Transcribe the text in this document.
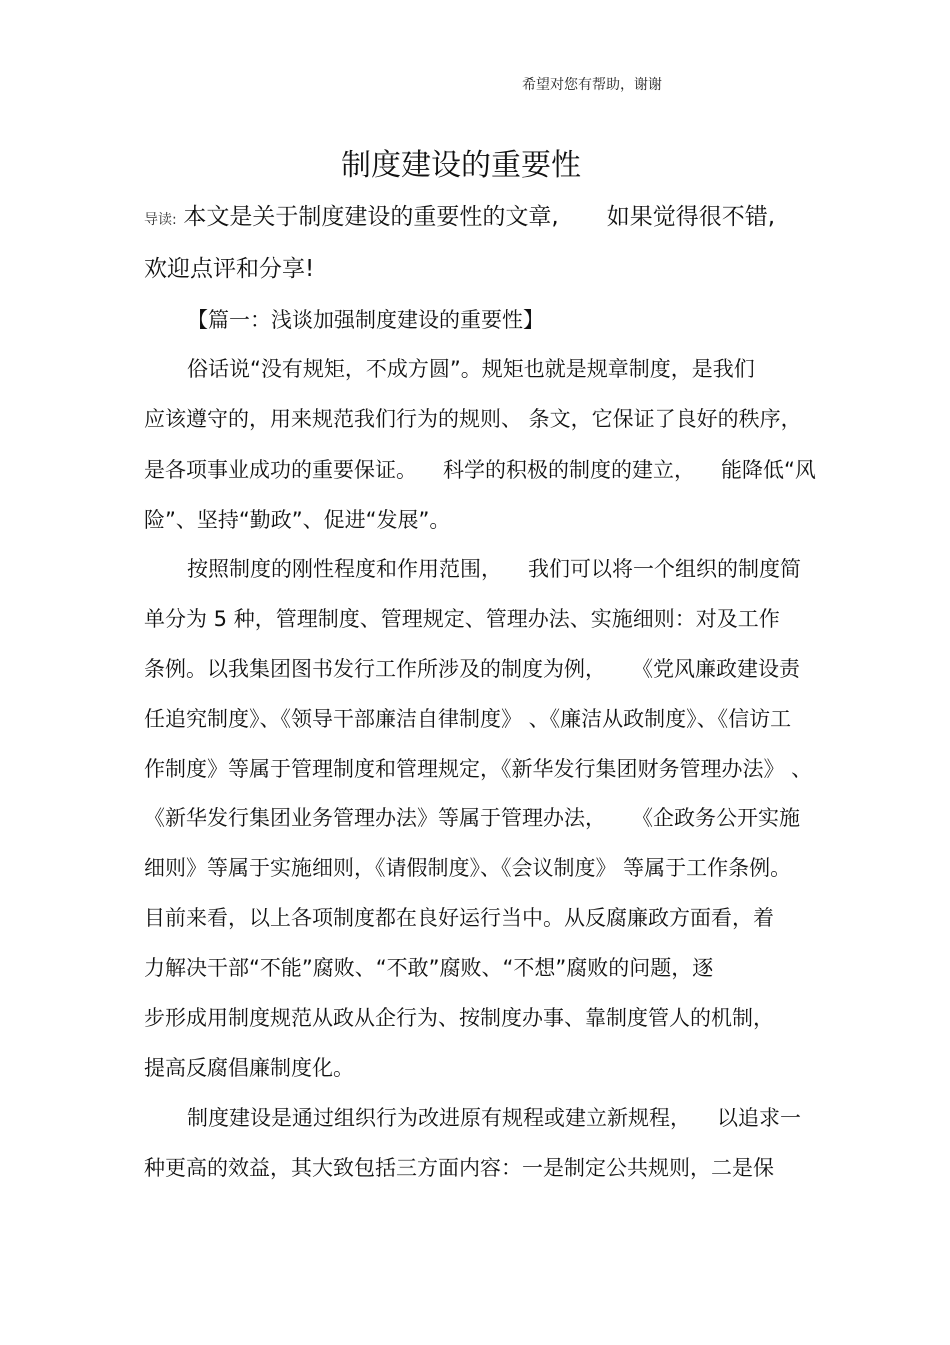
希望对您有帮助，谢谢
制度建设的重要性
导读: 本文是关于制度建设的重要性的文章, 如果觉得很不错,
欢迎点评和分享!
【篇一：浅谈加强制度建设的重要性】
俗话说“没有规矩，不成方圆”。规矩也就是规章制度，是我们
应该遵守的，用来规范我们行为的规则、 条文，它保证了良好的秩序，
是各项事业成功的重要保证。 科学的积极的制度的建立， 能降低“风
险”、坚持“勤政”、促进“发展”。
按照制度的刚性程度和作用范围， 我们可以将一个组织的制度简
单分为 5 种，管理制度、管理规定、管理办法、实施细则：对及工作
条例。以我集团图书发行工作所涉及的制度为例， 《党风廉政建设责
任追究制度》、《领导干部廉洁自律制度》 、《廉洁从政制度》、《信访工
作制度》等属于管理制度和管理规定，《新华发行集团财务管理办法》 、
《新华发行集团业务管理办法》等属于管理办法， 《企政务公开实施
细则》等属于实施细则，《请假制度》、《会议制度》 等属于工作条例。
目前来看，以上各项制度都在良好运行当中。从反腐廉政方面看，着
力解决干部“不能”腐败、“不敢”腐败、“不想”腐败的问题，逐
步形成用制度规范从政从企行为、按制度办事、靠制度管人的机制，
提高反腐倡廉制度化。
制度建设是通过组织行为改进原有规程或建立新规程， 以追求一
种更高的效益，其大致包括三方面内容：一是制定公共规则，二是保
